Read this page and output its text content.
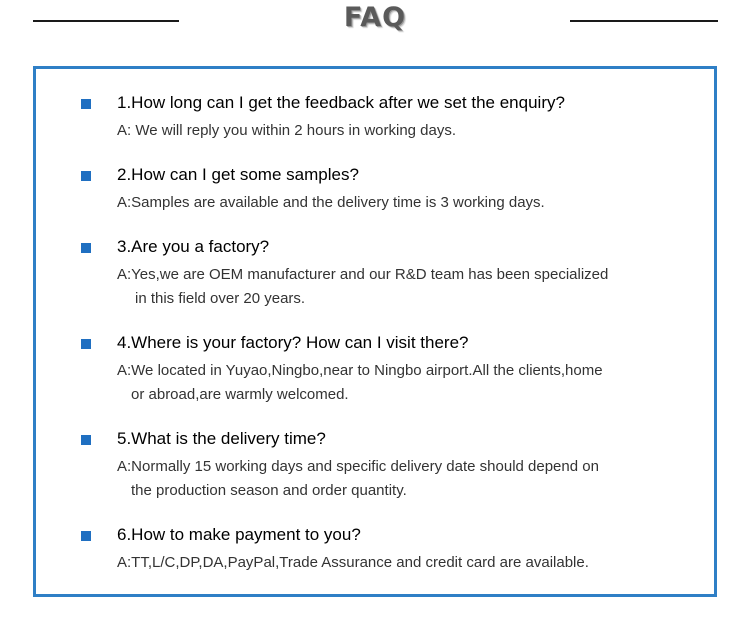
FAQ
1.How long can I get the feedback after we set the enquiry?
A: We will reply you within 2 hours in working days.
2.How can I get some samples?
A:Samples are available and the delivery time is 3 working days.
3.Are you a factory?
A:Yes,we are OEM manufacturer and our R&D team has been specialized
in this field over 20 years.
4.Where is your factory? How can I visit there?
A:We located in Yuyao,Ningbo,near to Ningbo airport.All the clients,home
or abroad,are warmly welcomed.
5.What is the delivery time?
A:Normally 15 working days and specific delivery date should depend on
the production season and order quantity.
6.How to make payment to you?
A:TT,L/C,DP,DA,PayPal,Trade Assurance and credit card are available.
